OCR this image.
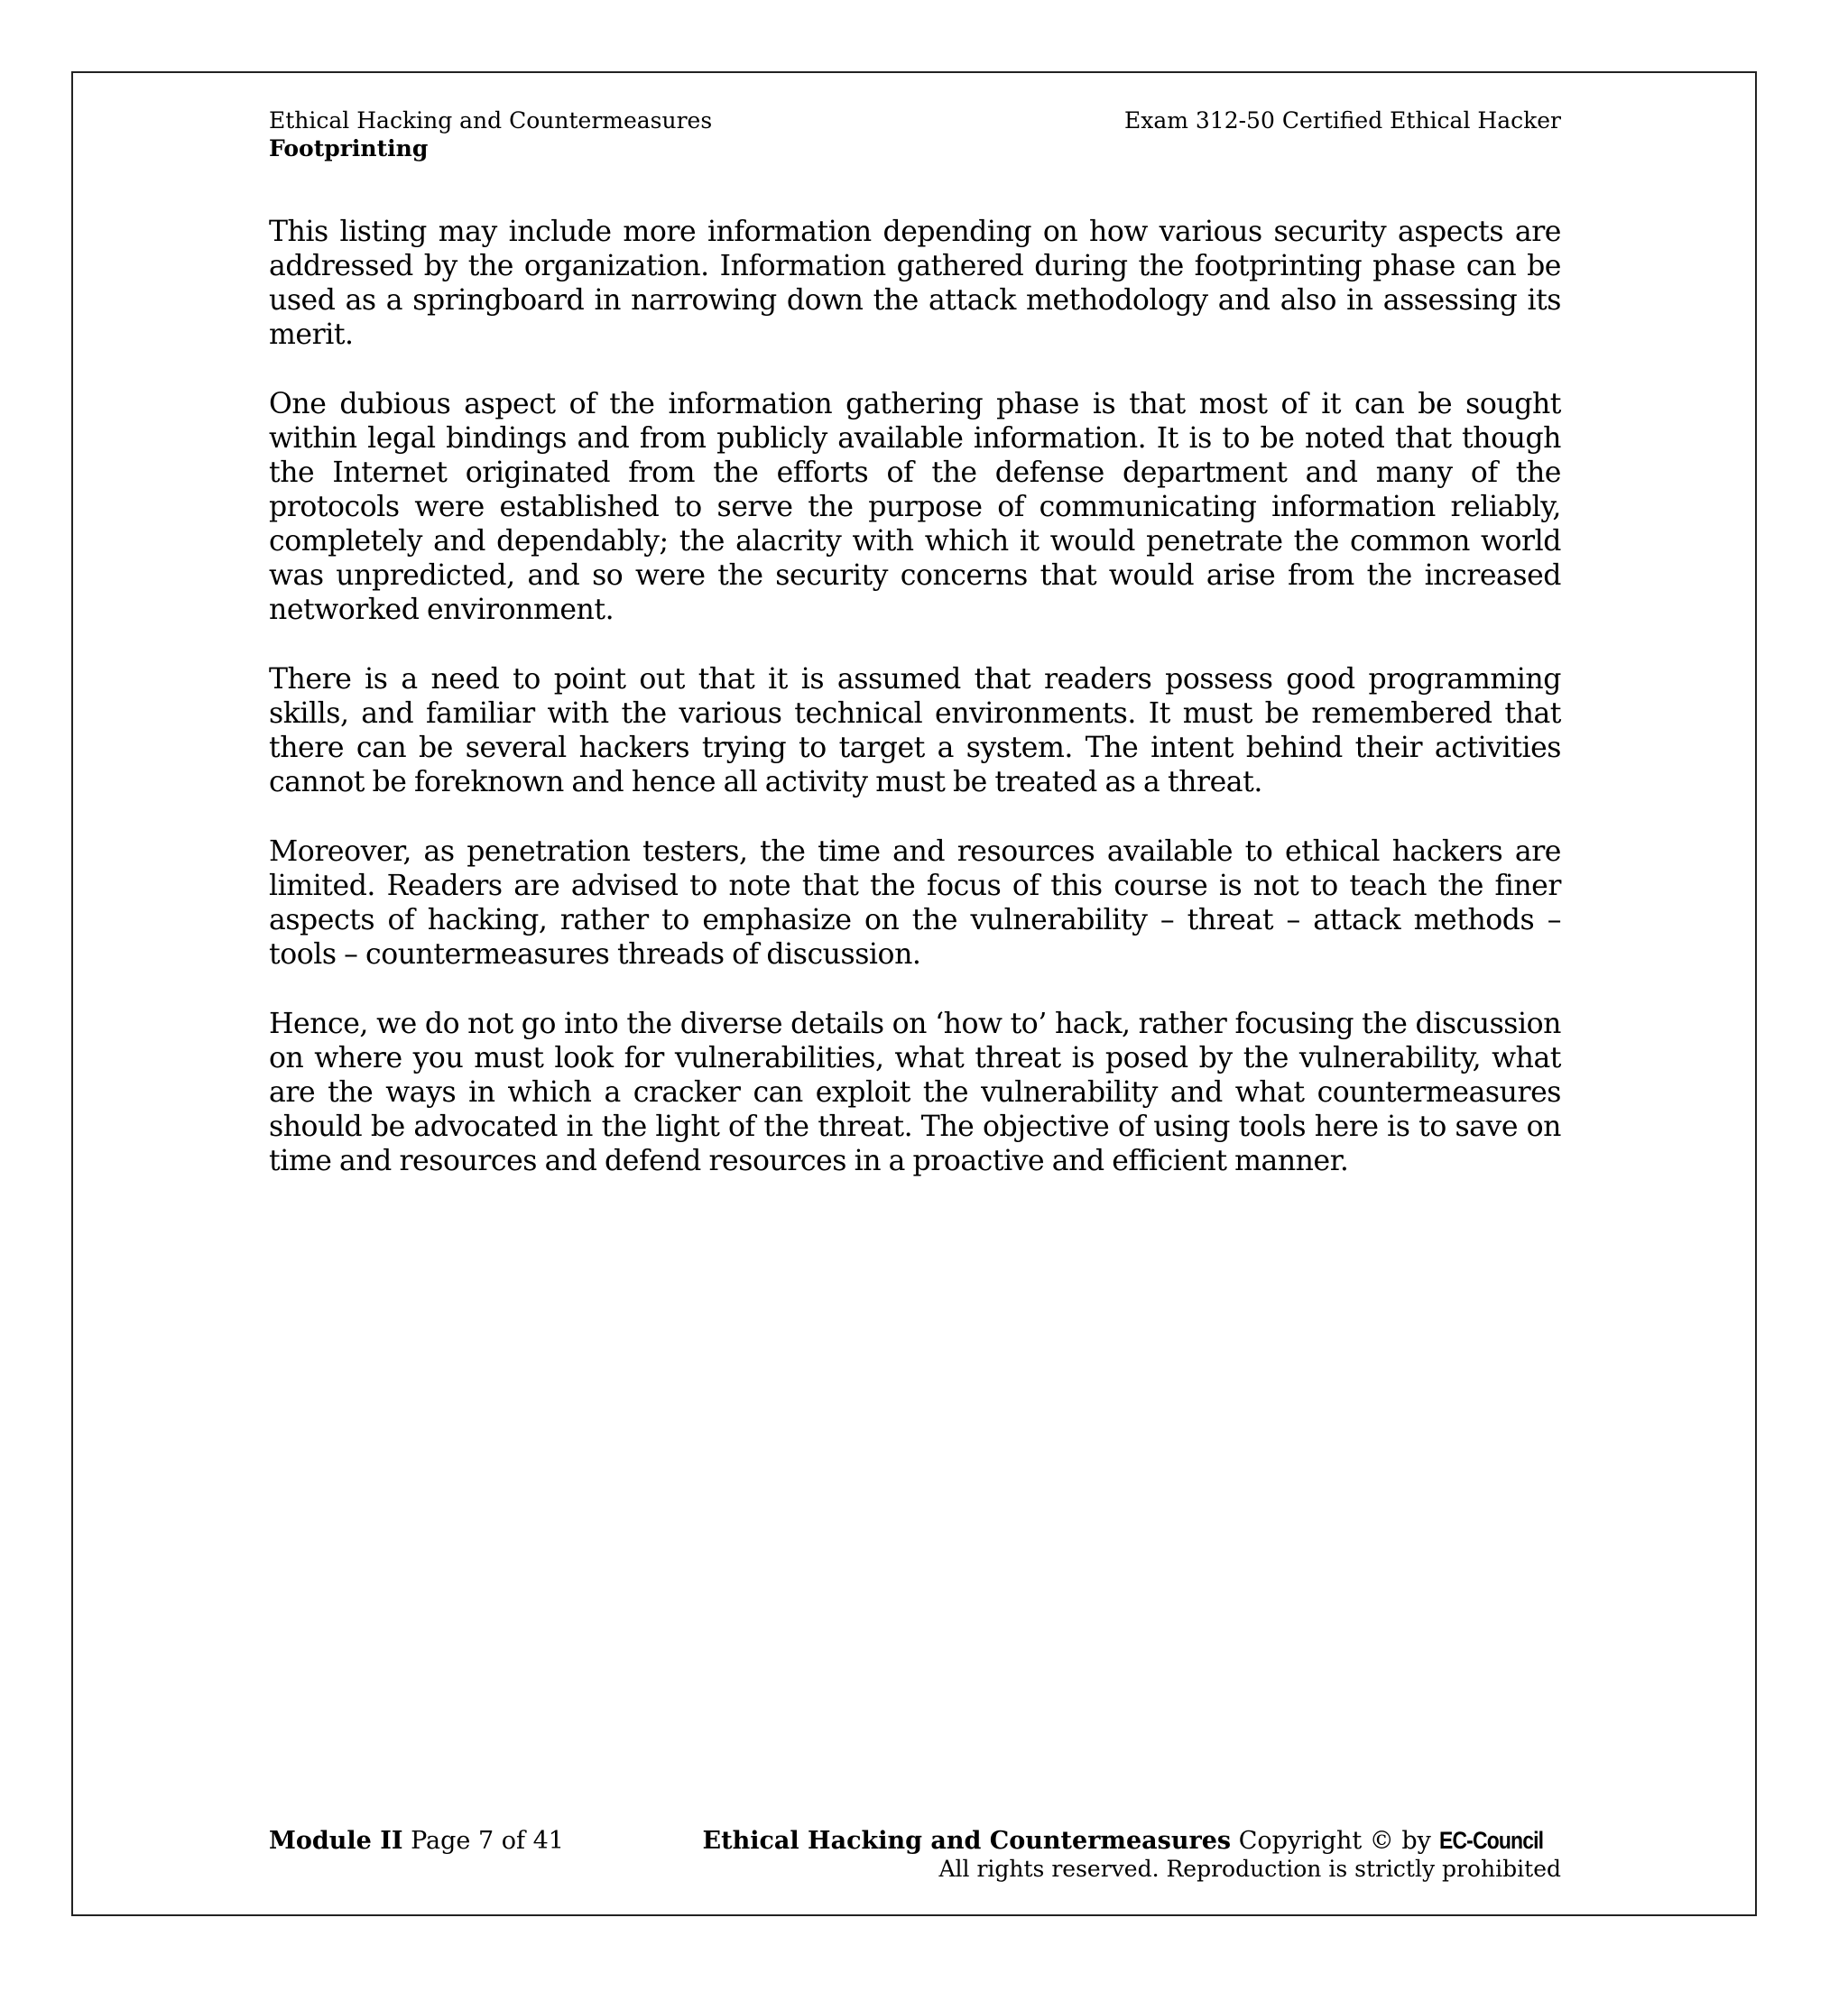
Ethical Hacking and Countermeasures
Footprinting
Exam 312-50 Certified Ethical Hacker

This listing may include more information depending on how various security aspects are addressed by the organization. Information gathered during the footprinting phase can be used as a springboard in narrowing down the attack methodology and also in assessing its merit.

One dubious aspect of the information gathering phase is that most of it can be sought within legal bindings and from publicly available information. It is to be noted that though the Internet originated from the efforts of the defense department and many of the protocols were established to serve the purpose of communicating information reliably, completely and dependably; the alacrity with which it would penetrate the common world was unpredicted, and so were the security concerns that would arise from the increased networked environment.

There is a need to point out that it is assumed that readers possess good programming skills, and familiar with the various technical environments. It must be remembered that there can be several hackers trying to target a system. The intent behind their activities cannot be foreknown and hence all activity must be treated as a threat.

Moreover, as penetration testers, the time and resources available to ethical hackers are limited. Readers are advised to note that the focus of this course is not to teach the finer aspects of hacking, rather to emphasize on the vulnerability – threat – attack methods – tools – countermeasures threads of discussion.

Hence, we do not go into the diverse details on ‘how to’ hack, rather focusing the discussion on where you must look for vulnerabilities, what threat is posed by the vulnerability, what are the ways in which a cracker can exploit the vulnerability and what countermeasures should be advocated in the light of the threat. The objective of using tools here is to save on time and resources and defend resources in a proactive and efficient manner.

Module II Page 7 of 41	Ethical Hacking and Countermeasures Copyright © by EC-Council
All rights reserved. Reproduction is strictly prohibited
